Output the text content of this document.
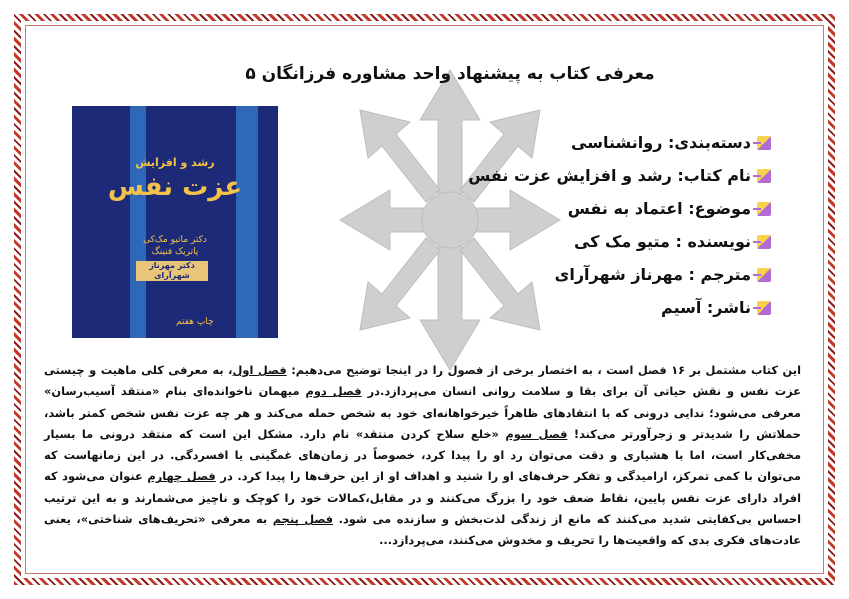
معرفی کتاب به پیشنهاد واحد مشاوره فرزانگان ۵
رشد و افزایش
عزت نفس
دکتر ماتیو مک‌کی
پاتریک فنینگ
دکتر مهرناز شهرآرای
چاپ هفتم
دسته‌بندی: روانشناسی
نام کتاب: رشد و افزایش عزت نفس
موضوع: اعتماد به نفس
نویسنده : متیو مک کی
مترجم : مهرناز شهرآرای
ناشر: آسیم
این کتاب مشتمل بر ۱۶ فصل است ، به اختصار برخی از فصول را در اینجا توضیح می‌دهیم: فصل اول، به معرفی کلی ماهیت و چیستی عزت نفس و نقش حیاتی آن برای بقا و سلامت روانی انسان می‌پردازد.در فصل دوم میهمان ناخوانده‌ای بنام «منتقد آسیب‌رسان» معرفی می‌شود؛ ندایی درونی که با انتقادهای ظاهراً خیرخواهانه‌ای خود به شخص حمله می‌کند و هر چه عزت نفس شخص کمتر باشد، حملاتش را شدیدتر و زجرآورتر می‌کند! فصل سوم «خلع سلاح کردن منتقد» نام دارد. مشکل این است که منتقد درونی ما بسیار مخفی‌کار است، اما با هشیاری و دقت می‌توان رد او را پیدا کرد، خصوصاً در زمان‌های غمگینی یا افسردگی. در این زمانهاست که می‌توان با کمی تمرکز، ارامیدگی و تفکر حرف‌های او را شنید و اهداف او از این حرف‌ها را پیدا کرد. در فصل چهارم عنوان می‌شود که افراد دارای عزت نفس پایین، نقاط ضعف خود را بزرگ می‌کنند و در مقابل،کمالات خود را کوچک و ناچیز می‌شمارند و به این ترتیب احساس بی‌کفایتی شدید می‌کنند که مانع از زندگی لذت‌بخش و سازنده می شود. فصل پنجم به معرفی «تحریف‌های شناختی»، یعنی عادت‌های فکری بدی که واقعیت‌ها را تحریف و مخدوش می‌کنند، می‌پردازد...
